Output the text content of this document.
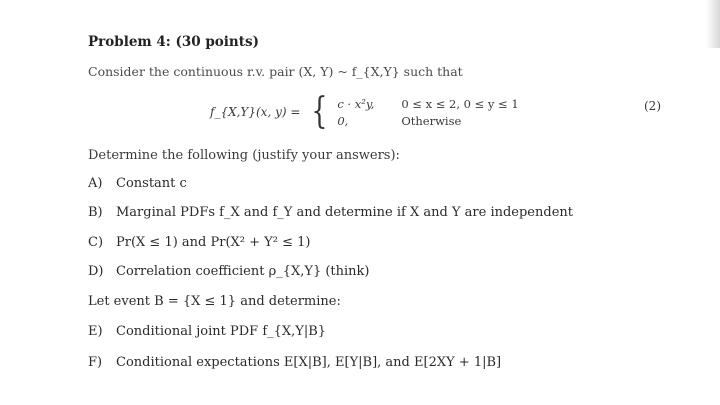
Problem 4: (30 points)
Consider the continuous r.v. pair (X, Y) ~ f_{X,Y} such that
f_{X,Y}(x, y) = { c · x²y,	0 ≤ x ≤ 2, 0 ≤ y ≤ 1
0,	Otherwise
(2)
Determine the following (justify your answers):
A) Constant c
B) Marginal PDFs f_X and f_Y and determine if X and Y are independent
C) Pr(X ≤ 1) and Pr(X² + Y² ≤ 1)
D) Correlation coefficient ρ_{X,Y} (think)
Let event B = {X ≤ 1} and determine:
E) Conditional joint PDF f_{X,Y|B}
F) Conditional expectations E[X|B], E[Y|B], and E[2XY + 1|B]
